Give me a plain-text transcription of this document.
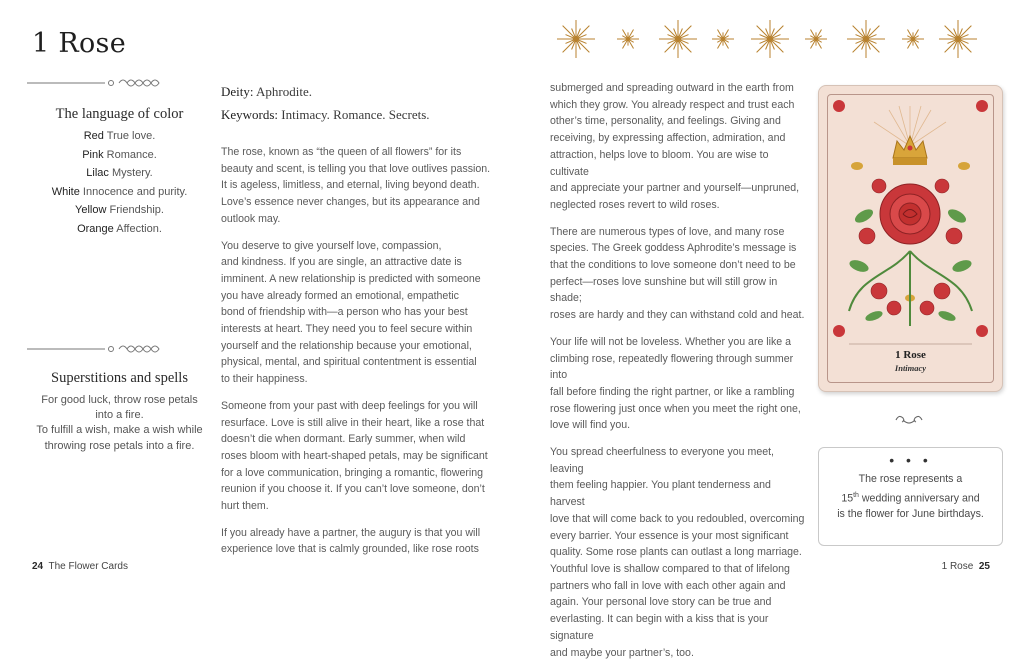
1 Rose
The language of color
Red True love.
Pink Romance.
Lilac Mystery.
White Innocence and purity.
Yellow Friendship.
Orange Affection.
Superstitions and spells
For good luck, throw rose petals
into a fire.
To fulfill a wish, make a wish while
throwing rose petals into a fire.
Deity: Aphrodite.
Keywords: Intimacy. Romance. Secrets.

The rose, known as “the queen of all flowers” for its
beauty and scent, is telling you that love outlives passion.
It is ageless, limitless, and eternal, living beyond death.
Love’s essence never changes, but its appearance and
outlook may.

You deserve to give yourself love, compassion,
and kindness. If you are single, an attractive date is
imminent. A new relationship is predicted with someone
you have already formed an emotional, empathetic
bond of friendship with—a person who has your best
interests at heart. They need you to feel secure within
yourself and the relationship because your emotional,
physical, mental, and spiritual contentment is essential
to their happiness.

Someone from your past with deep feelings for you will
resurface. Love is still alive in their heart, like a rose that
doesn’t die when dormant. Early summer, when wild
roses bloom with heart-shaped petals, may be significant
for a love communication, bringing a romantic, flowering
reunion if you choose it. If you can’t love someone, don’t
hurt them.

If you already have a partner, the augury is that you will
experience love that is calmly grounded, like rose roots

submerged and spreading outward in the earth from
which they grow. You already respect and trust each
other’s time, personality, and feelings. Giving and
receiving, by expressing affection, admiration, and
attraction, helps love to bloom. You are wise to cultivate
and appreciate your partner and yourself—unpruned,
neglected roses revert to wild roses.

There are numerous types of love, and many rose
species. The Greek goddess Aphrodite’s message is
that the conditions to love someone don’t need to be
perfect—roses love sunshine but will still grow in shade;
roses are hardy and they can withstand cold and heat.

Your life will not be loveless. Whether you are like a
climbing rose, repeatedly flowering through summer into
fall before finding the right partner, or like a rambling
rose flowering just once when you meet the right one,
love will find you.

You spread cheerfulness to everyone you meet, leaving
them feeling happier. You plant tenderness and harvest
love that will come back to you redoubled, overcoming
every barrier. Your essence is your most significant
quality. Some rose plants can outlast a long marriage.
Youthful love is shallow compared to that of lifelong
partners who fall in love with each other again and
again. Your personal love story can be true and
everlasting. It can begin with a kiss that is your signature
and maybe your partner’s, too.

1 Rose
Intimacy
• • •
The rose represents a
15th wedding anniversary and
is the flower for June birthdays.
24 The Flower Cards	1 Rose 25
